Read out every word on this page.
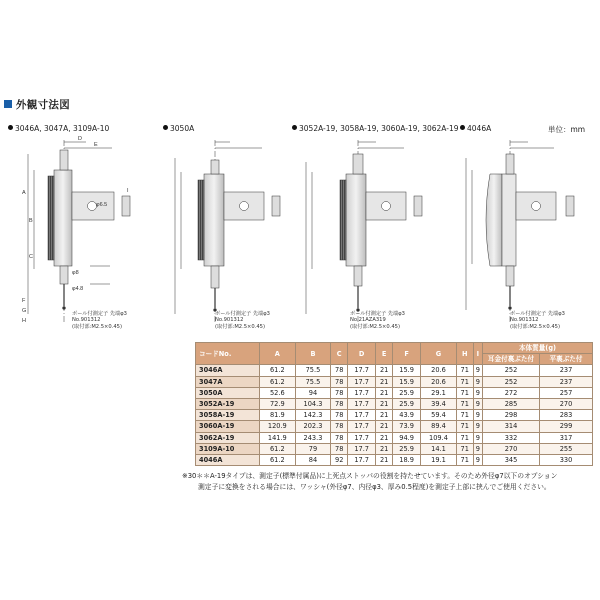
外観寸法図
単位：mm
3046A, 3047A, 3109A-10	3050A	3052A-19, 3058A-19, 3060A-19, 3062A-19	4046A
A
B
C
D
E
F
G
H
I
φ6.5
φ8
φ4.8
ボール付測定子 先端φ3
No.901312
(取付部:M2.5×0.45)
ボール付測定子 先端φ3
No.901312
(取付部:M2.5×0.45)
ボール付測定子 先端φ3
No.21AZA319
(取付部:M2.5×0.45)
ボール付測定子 先端φ3
No.901312
(取付部:M2.5×0.45)
コードNo.	A	B	C	D	E	F	G	H	I	本体質量(g)	
										耳金付裏ぶた付	平裏ぶた付
3046A	61.2	75.5	78	17.7	21	15.9	20.6	71	9	252	237
3047A	61.2	75.5	78	17.7	21	15.9	20.6	71	9	252	237
3050A	52.6	94	78	17.7	21	25.9	29.1	71	9	272	257
3052A-19	72.9	104.3	78	17.7	21	25.9	39.4	71	9	285	270
3058A-19	81.9	142.3	78	17.7	21	43.9	59.4	71	9	298	283
3060A-19	120.9	202.3	78	17.7	21	73.9	89.4	71	9	314	299
3062A-19	141.9	243.3	78	17.7	21	94.9	109.4	71	9	332	317
3109A-10	61.2	79	78	17.7	21	25.9	14.1	71	9	270	255
4046A	61.2	84	92	17.7	21	18.9	19.1	71	9	345	330
※30＊＊A-19タイプは、測定子(標準付属品)に上死点ストッパの役割を持たせています。そのため外径φ7以下のオプション
測定子に変換をされる場合には、ワッシャ(外径φ7、内径φ3、厚み0.5程度)を測定子上部に挟んでご使用ください。
